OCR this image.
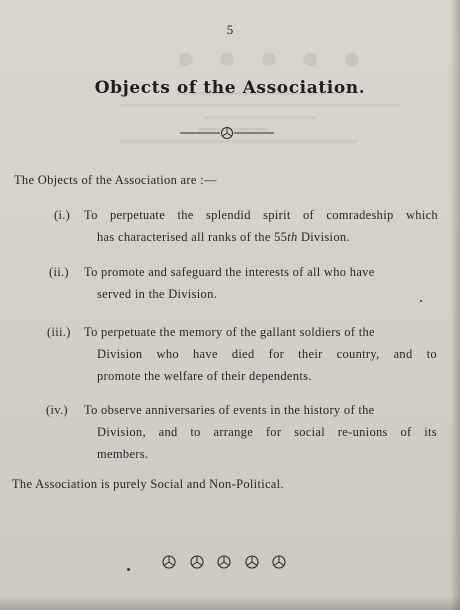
● ● ● ● ●
5
Objects of the Association.
The Objects of the Association are :—
(i.) To perpetuate the splendid spirit of comradeship which
has characterised all ranks of the 55th Division.
(ii.) To promote and safeguard the interests of all who have
served in the Division.
(iii.) To perpetuate the memory of the gallant soldiers of the
Division who have died for their country, and to
promote the welfare of their dependents.
(iv.) To observe anniversaries of events in the history of the
Division, and to arrange for social re-unions of its
members.
The Association is purely Social and Non-Political.
